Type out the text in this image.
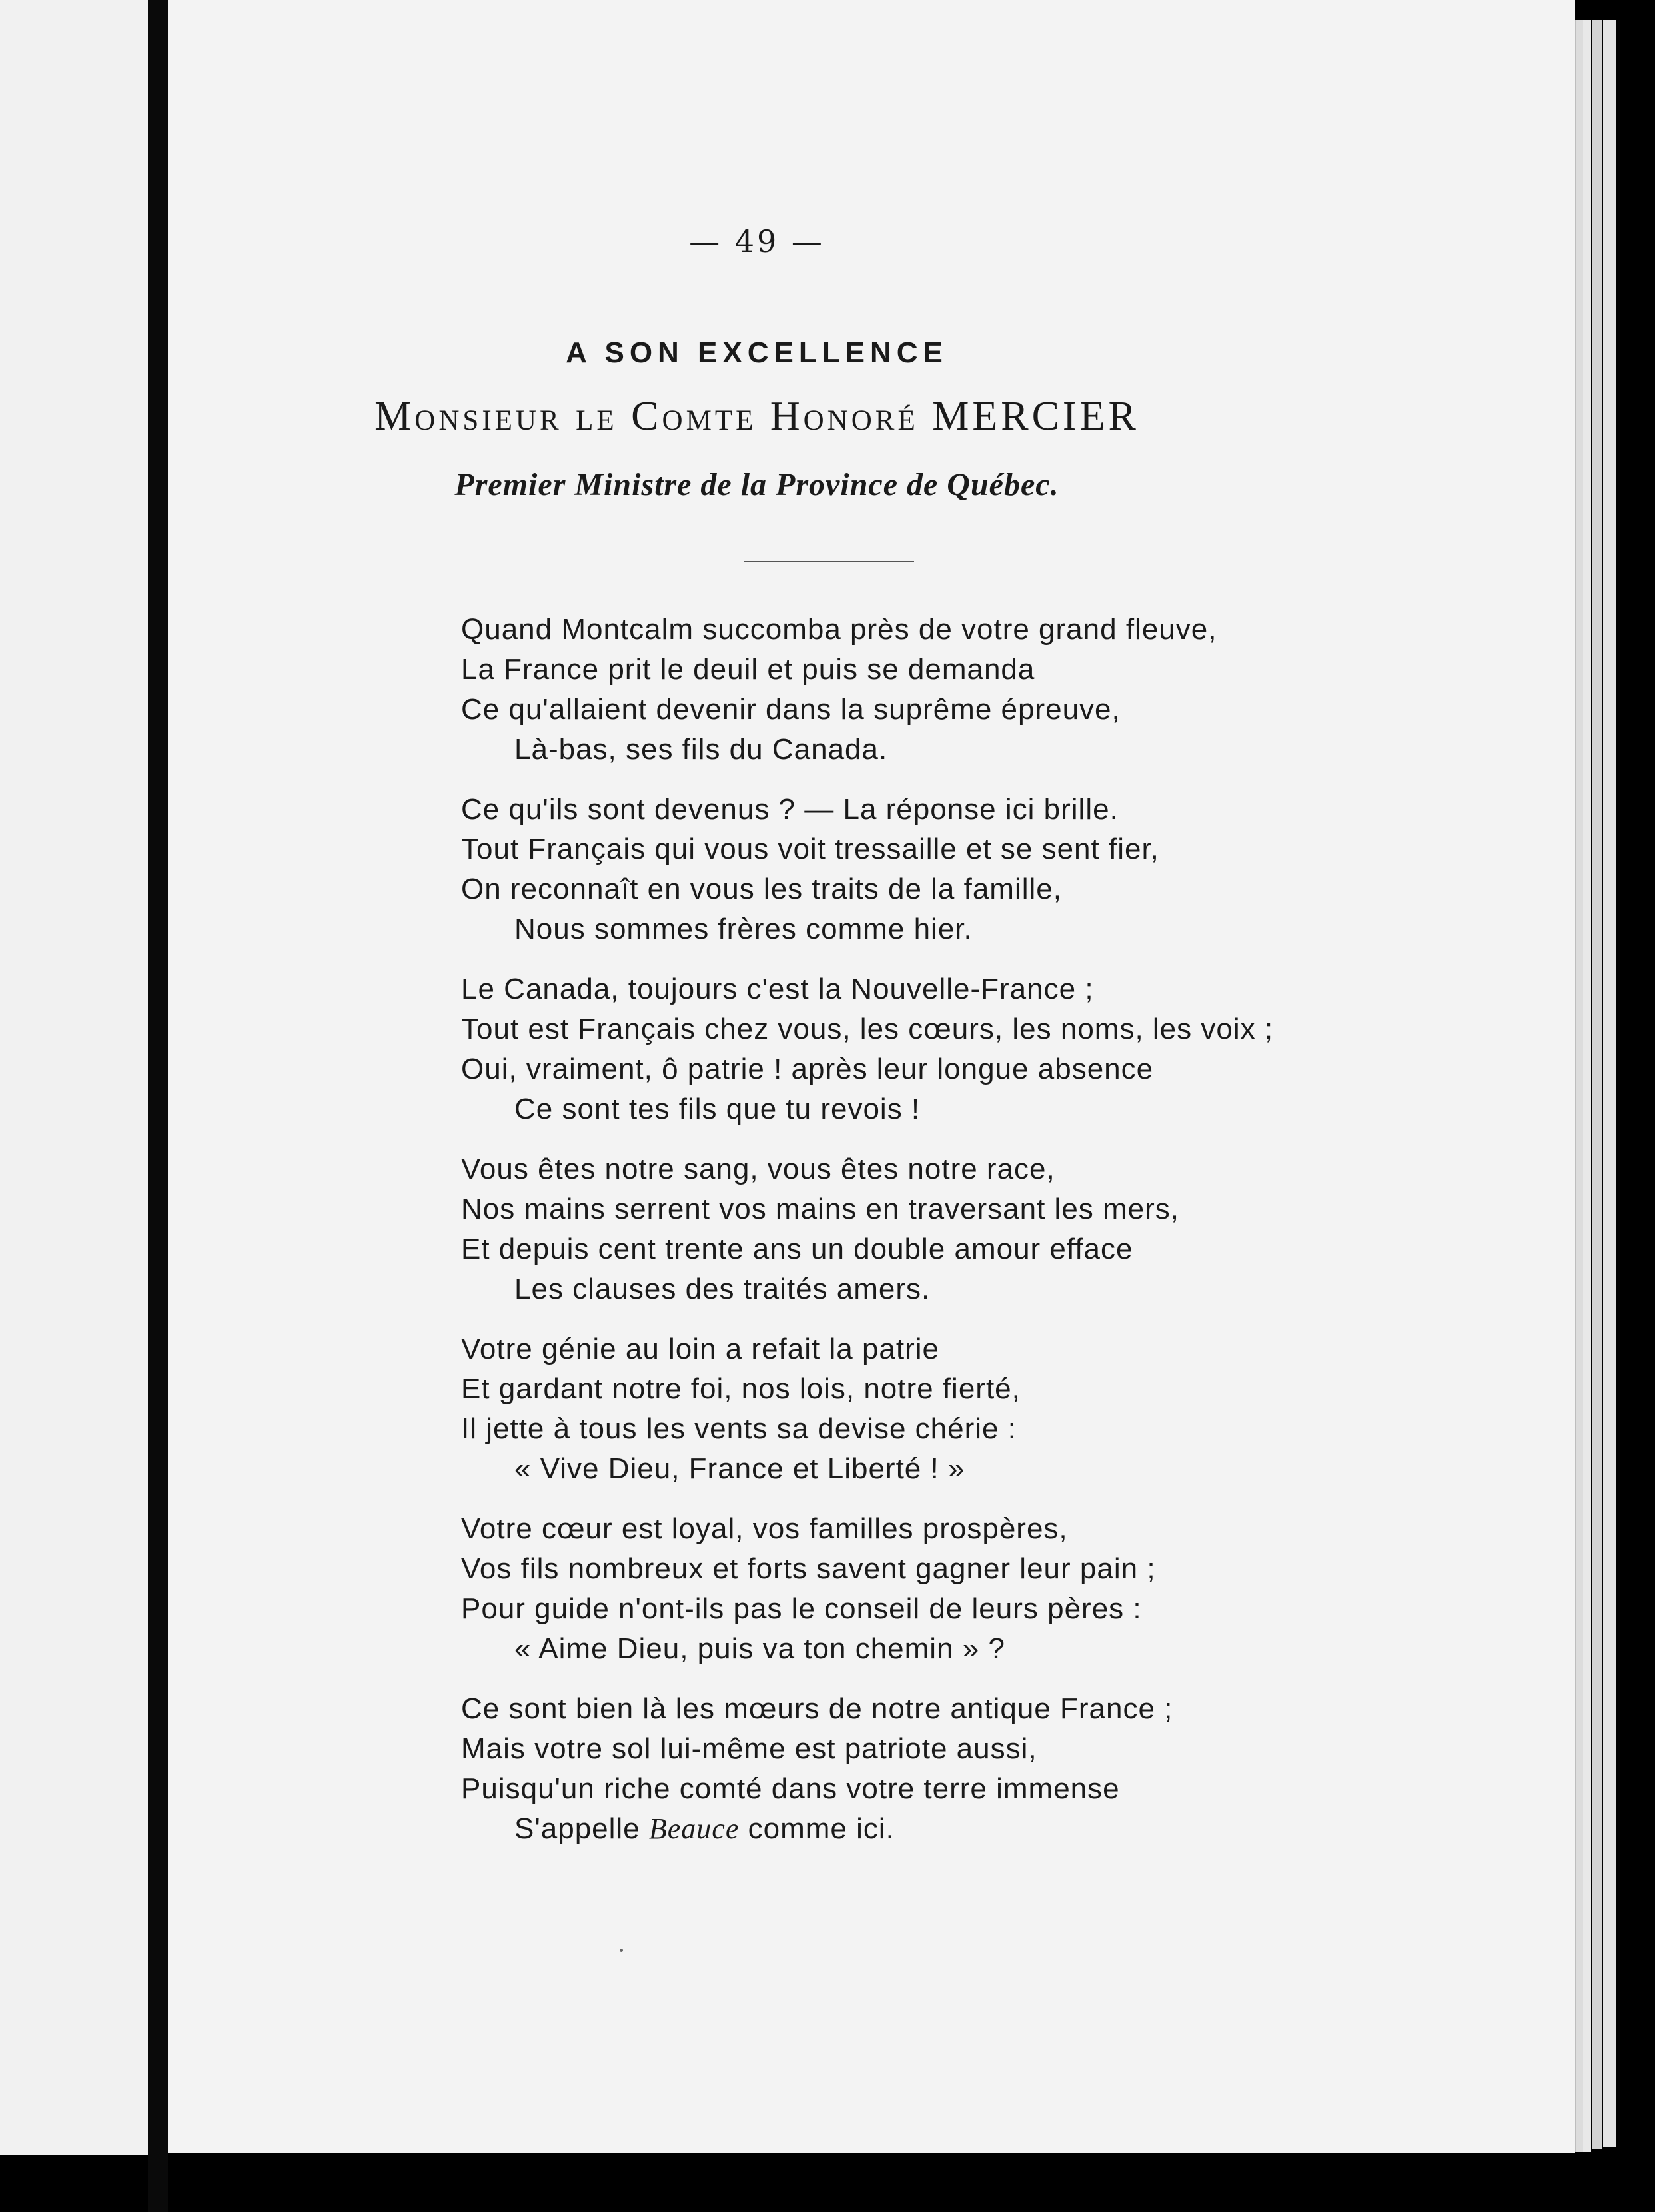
— 49 —
A SON EXCELLENCE
Monsieur le Comte Honoré MERCIER
Premier Ministre de la Province de Québec.
Quand Montcalm succomba près de votre grand fleuve,
La France prit le deuil et puis se demanda
Ce qu'allaient devenir dans la suprême épreuve,
Là-bas, ses fils du Canada.
Ce qu'ils sont devenus ? — La réponse ici brille.
Tout Français qui vous voit tressaille et se sent fier,
On reconnaît en vous les traits de la famille,
Nous sommes frères comme hier.
Le Canada, toujours c'est la Nouvelle-France ;
Tout est Français chez vous, les cœurs, les noms, les voix ;
Oui, vraiment, ô patrie ! après leur longue absence
Ce sont tes fils que tu revois !
Vous êtes notre sang, vous êtes notre race,
Nos mains serrent vos mains en traversant les mers,
Et depuis cent trente ans un double amour efface
Les clauses des traités amers.
Votre génie au loin a refait la patrie
Et gardant notre foi, nos lois, notre fierté,
Il jette à tous les vents sa devise chérie :
« Vive Dieu, France et Liberté ! »
Votre cœur est loyal, vos familles prospères,
Vos fils nombreux et forts savent gagner leur pain ;
Pour guide n'ont-ils pas le conseil de leurs pères :
« Aime Dieu, puis va ton chemin » ?
Ce sont bien là les mœurs de notre antique France ;
Mais votre sol lui-même est patriote aussi,
Puisqu'un riche comté dans votre terre immense
S'appelle Beauce comme ici.
